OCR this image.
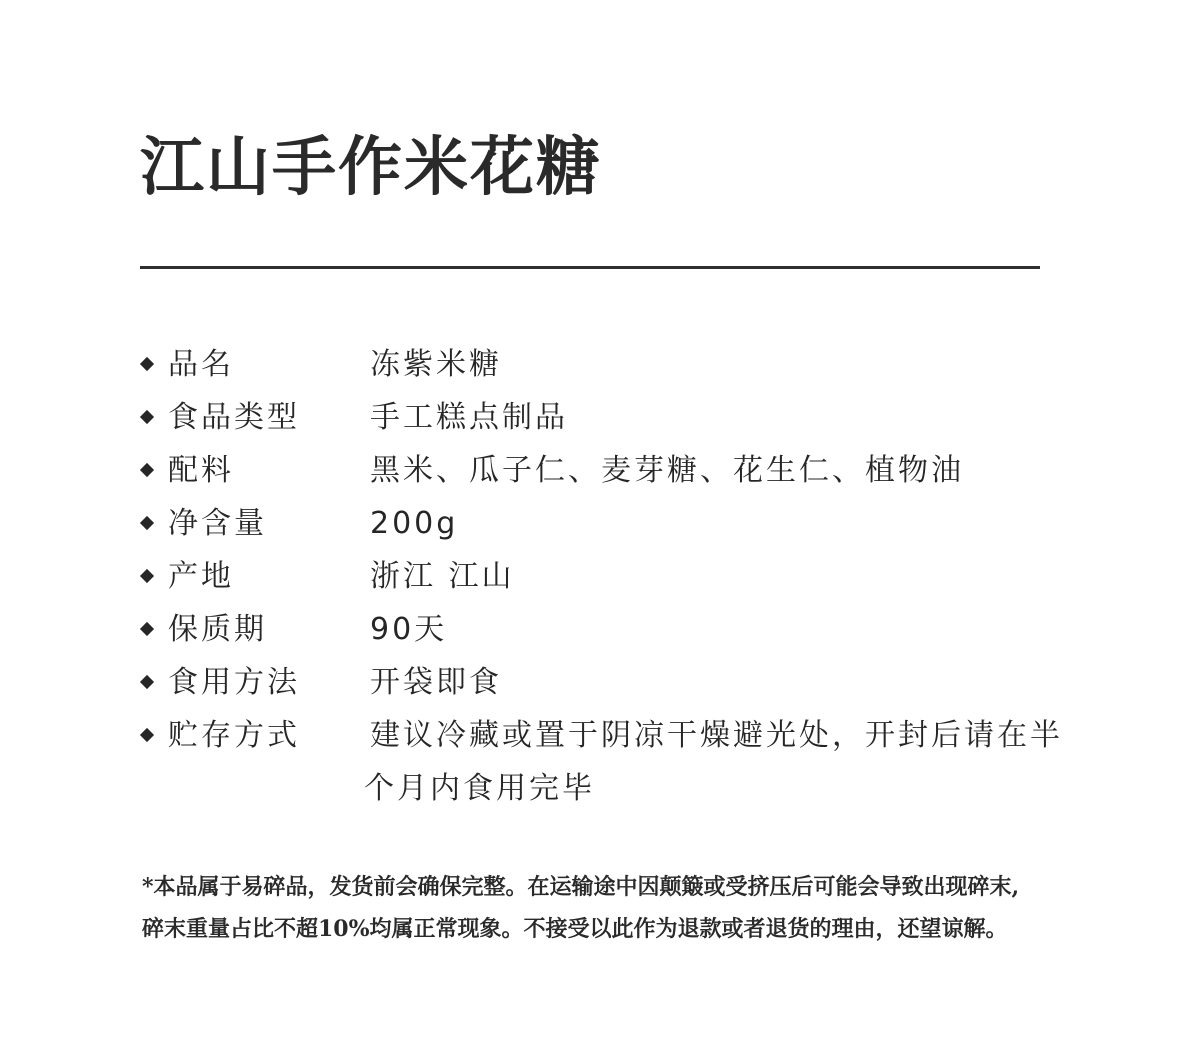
江山手作米花糖
品名	冻紫米糖
食品类型	手工糕点制品
配料	黑米、瓜子仁、麦芽糖、花生仁、植物油
净含量	200g
产地	浙江 江山
保质期	90天
食用方法	开袋即食
贮存方式	建议冷藏或置于阴凉干燥避光处，开封后请在半
个月内食用完毕

*本品属于易碎品，发货前会确保完整。在运输途中因颠簸或受挤压后可能会导致出现碎末,
碎末重量占比不超10%均属正常现象。不接受以此作为退款或者退货的理由，还望谅解。
